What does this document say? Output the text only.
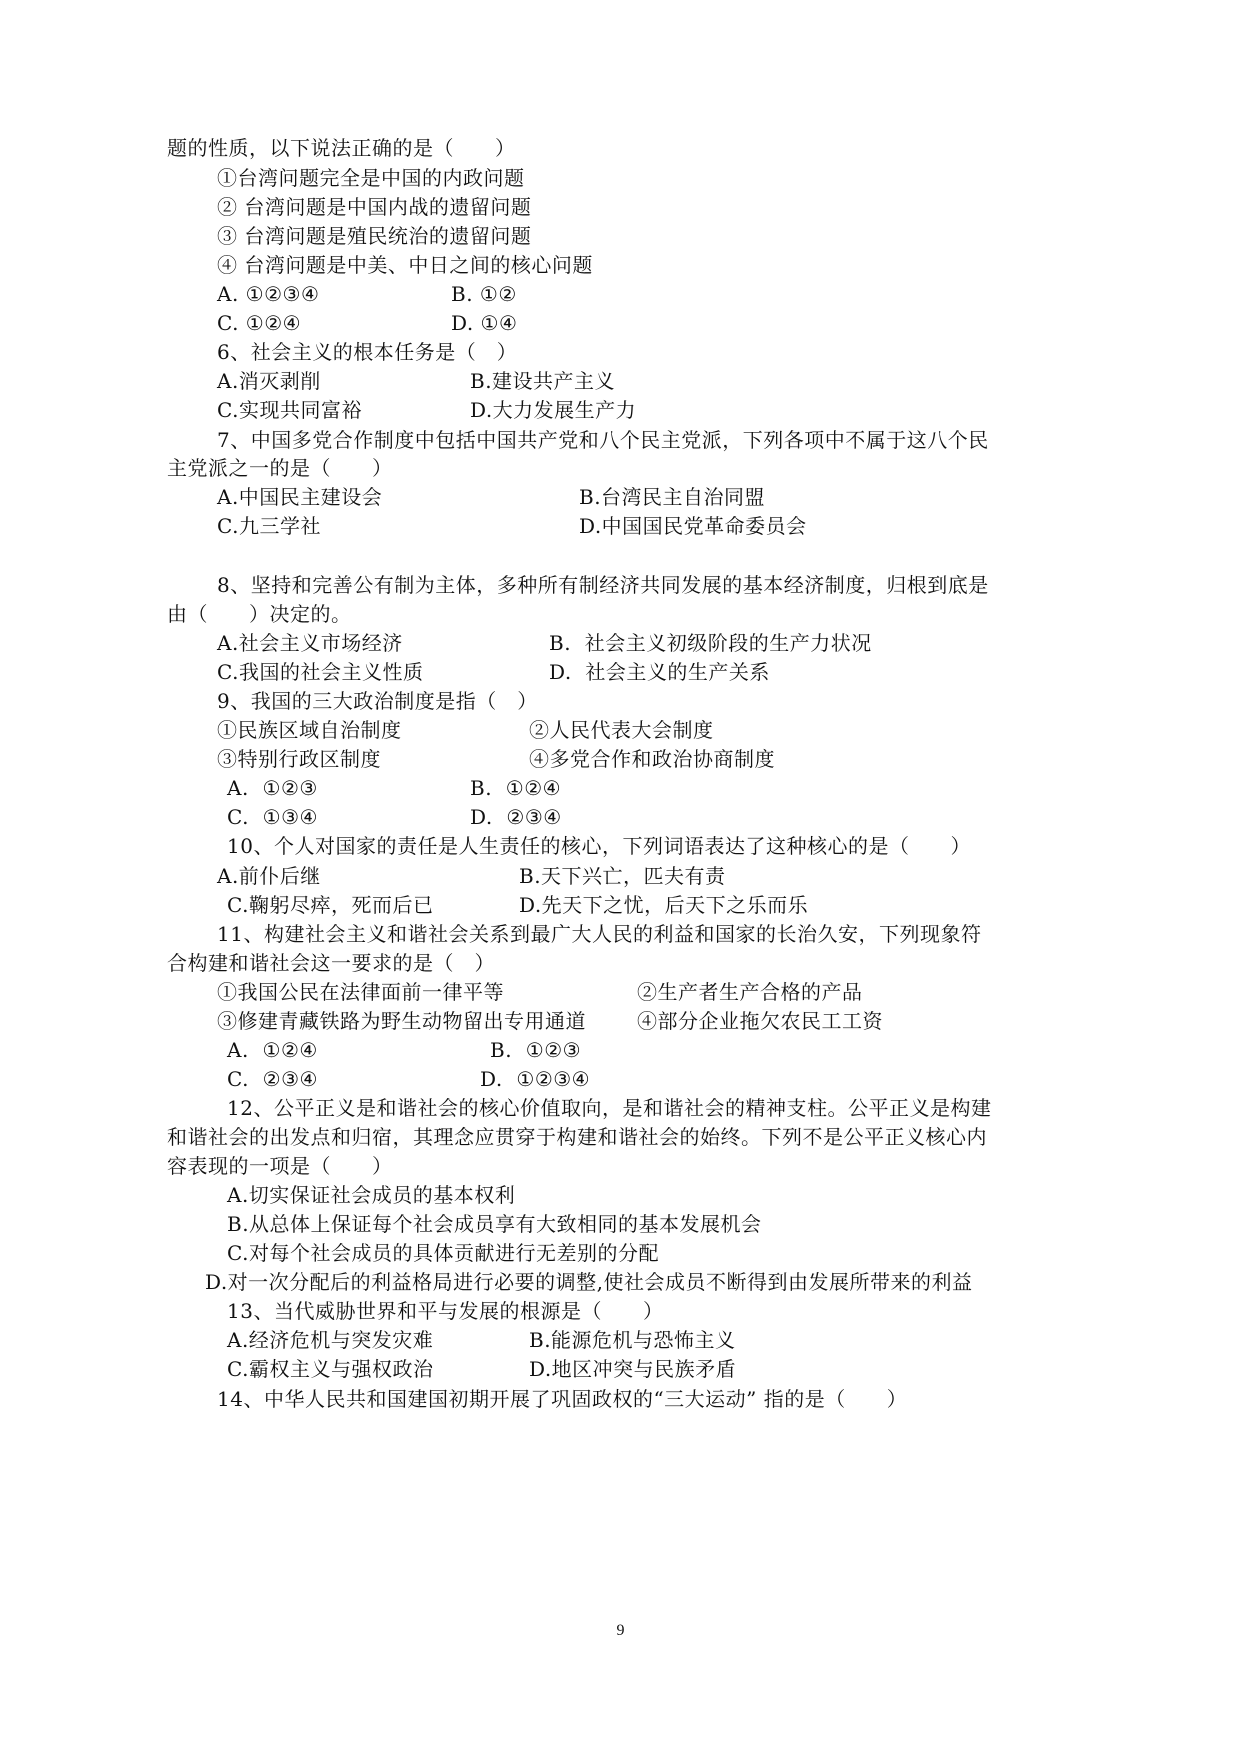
题的性质，以下说法正确的是（　　）
①台湾问题完全是中国的内政问题
② 台湾问题是中国内战的遗留问题
③ 台湾问题是殖民统治的遗留问题
④ 台湾问题是中美、中日之间的核心问题
A. ①②③④	B. ①②
C. ①②④	D. ①④
6、社会主义的根本任务是（　）
A.消灭剥削	B.建设共产主义
C.实现共同富裕	D.大力发展生产力
7、中国多党合作制度中包括中国共产党和八个民主党派，下列各项中不属于这八个民
主党派之一的是（　　）
A.中国民主建设会	B.台湾民主自治同盟
C.九三学社	D.中国国民党革命委员会
8、坚持和完善公有制为主体，多种所有制经济共同发展的基本经济制度，归根到底是
由（　　）决定的。
A.社会主义市场经济	B.  社会主义初级阶段的生产力状况
C.我国的社会主义性质	D.  社会主义的生产关系
9、我国的三大政治制度是指（　）
①民族区域自治制度	②人民代表大会制度
③特别行政区制度	④多党合作和政治协商制度
A.  ①②③	B.  ①②④
C.  ①③④	D.  ②③④
10、个人对国家的责任是人生责任的核心，下列词语表达了这种核心的是（　　）
A.前仆后继	B.天下兴亡，匹夫有责
C.鞠躬尽瘁，死而后已	D.先天下之忧，后天下之乐而乐
11、构建社会主义和谐社会关系到最广大人民的利益和国家的长治久安，下列现象符
合构建和谐社会这一要求的是（　）
①我国公民在法律面前一律平等	②生产者生产合格的产品
③修建青藏铁路为野生动物留出专用通道	④部分企业拖欠农民工工资
A.  ①②④	B.  ①②③
C.  ②③④	D.  ①②③④
12、公平正义是和谐社会的核心价值取向，是和谐社会的精神支柱。公平正义是构建
和谐社会的出发点和归宿，其理念应贯穿于构建和谐社会的始终。下列不是公平正义核心内
容表现的一项是（　　）
A.切实保证社会成员的基本权利
B.从总体上保证每个社会成员享有大致相同的基本发展机会
C.对每个社会成员的具体贡献进行无差别的分配
D.对一次分配后的利益格局进行必要的调整,使社会成员不断得到由发展所带来的利益
13、当代威胁世界和平与发展的根源是（　　）
A.经济危机与突发灾难	B.能源危机与恐怖主义
C.霸权主义与强权政治	D.地区冲突与民族矛盾
14、中华人民共和国建国初期开展了巩固政权的“三大运动” 指的是（　　）
9
